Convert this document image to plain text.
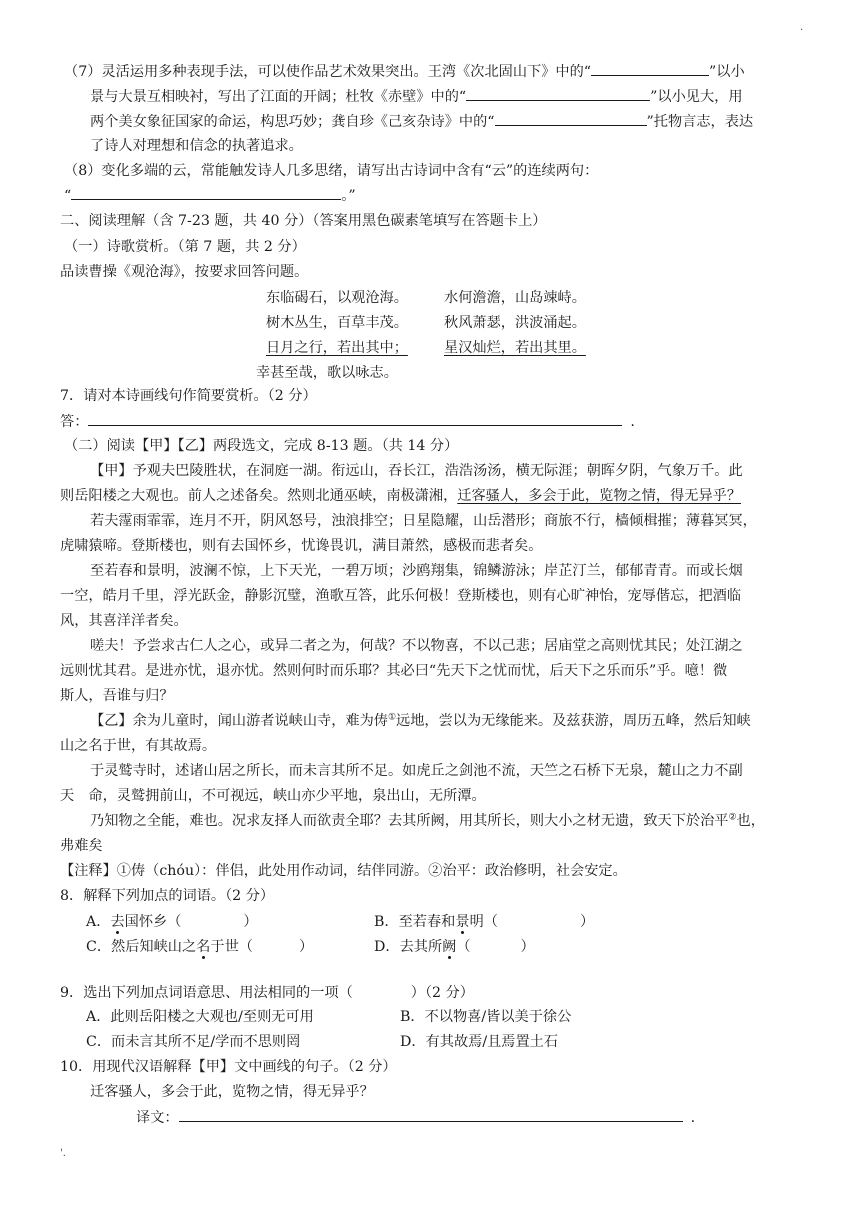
.
（7）灵活运用多种表现手法，可以使作品艺术效果突出。王湾《次北固山下》中的“	”以小
景与大景互相映衬，写出了江面的开阔；杜牧《赤壁》中的“	”以小见大，用
两个美女象征国家的命运，构思巧妙；龚自珍《己亥杂诗》中的“	”托物言志，表达
了诗人对理想和信念的执著追求。
（8）变化多端的云，常能触发诗人几多思绪，请写出古诗词中含有“云”的连续两句：
“	。”
二、阅读理解（含 7-23 题，共 40 分）（答案用黑色碳素笔填写在答题卡上）
（一）诗歌赏析。（第 7 题，共 2 分）
品读曹操《观沧海》，按要求回答问题。
东临碣石，以观沧海。	水何澹澹，山岛竦峙。
树木丛生，百草丰茂。	秋风萧瑟，洪波涌起。
日月之行，若出其中；	星汉灿烂，若出其里。
幸甚至哉，歌以咏志。
7．请对本诗画线句作简要赏析。（2 分）
答：	.
（二）阅读【甲】【乙】两段选文，完成 8-13 题。（共 14 分）
【甲】予观夫巴陵胜状，在洞庭一湖。衔远山，吞长江，浩浩汤汤，横无际涯；朝晖夕阴，气象万千。此
则岳阳楼之大观也。前人之述备矣。然则北通巫峡，南极潇湘，迁客骚人，多会于此，览物之情，得无异乎？
若夫霪雨霏霏，连月不开，阴风怒号，浊浪排空；日星隐耀，山岳潜形；商旅不行，樯倾楫摧；薄暮冥冥，
虎啸猿啼。登斯楼也，则有去国怀乡，忧谗畏讥，满目萧然，感极而悲者矣。
至若春和景明，波澜不惊，上下天光，一碧万顷；沙鸥翔集，锦鳞游泳；岸芷汀兰，郁郁青青。而或长烟
一空，皓月千里，浮光跃金，静影沉璧，渔歌互答，此乐何极！登斯楼也，则有心旷神怡，宠辱偕忘，把酒临
风，其喜洋洋者矣。
嗟夫！予尝求古仁人之心，或异二者之为，何哉？不以物喜，不以己悲；居庙堂之高则忧其民；处江湖之
远则忧其君。是进亦忧，退亦忧。然则何时而乐耶？其必曰“先天下之忧而忧，后天下之乐而乐”乎。噫！微
斯人，吾谁与归？
【乙】余为儿童时，闻山游者说峡山寺，难为俦①远地，尝以为无缘能来。及兹获游，周历五峰，然后知峡
山之名于世，有其故焉。
于灵鹫寺时，述诸山居之所长，而未言其所不足。如虎丘之剑池不流，天竺之石桥下无泉，麓山之力不副
天　命，灵鹫拥前山，不可视远，峡山亦少平地，泉出山，无所潭。
乃知物之全能，难也。况求友择人而欲责全耶？去其所阙，用其所长，则大小之材无遗，致天下於治平②也，
弗难矣
【注释】①俦（chóu）：伴侣，此处用作动词，结伴同游。②治平：政治修明，社会安定。
8．解释下列加点的词语。（2 分）
A．去国怀乡（	）	B．至若春和景明（	）
C．然后知峡山之名于世（	）	D．去其所阙（	）
9．选出下列加点词语意思、用法相同的一项（	）（2 分）
A．此则岳阳楼之大观也/至则无可用	B．不以物喜/皆以美于徐公
C．而未言其所不足/学而不思则罔	D．有其故焉/且焉置土石
10．用现代汉语解释【甲】文中画线的句子。（2 分）
迁客骚人，多会于此，览物之情，得无异乎？
译文：	.
'.
